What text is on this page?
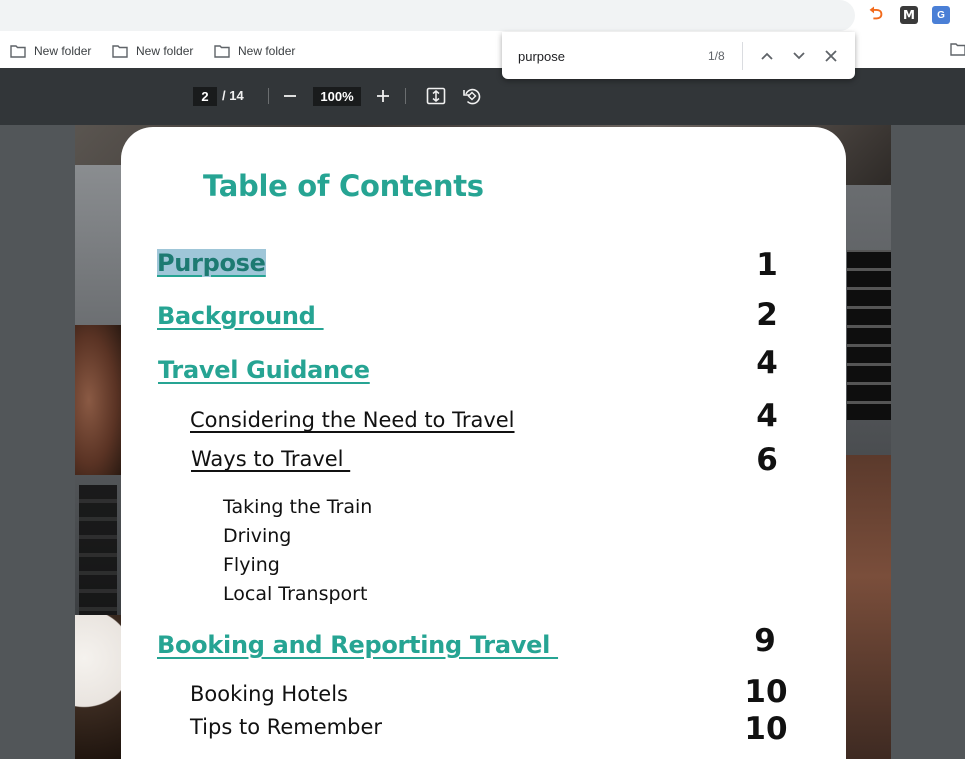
⮌ M	G
New folder	New folder	New folder
2	/ 14	100%
Table of Contents
Purpose	1
Background	2
Travel Guidance	4
Considering the Need to Travel	4
Ways to Travel	6
Taking the Train
Driving
Flying
Local Transport
Booking and Reporting Travel	9
Booking Hotels	10
Tips to Remember	10
purpose
1/8
